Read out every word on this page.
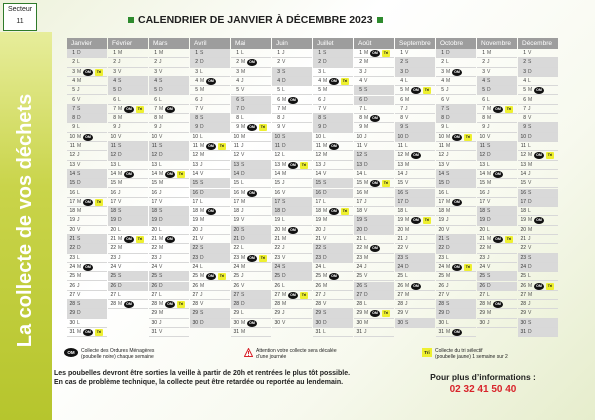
Secteur
11
La collecte de vos déchets
CALENDRIER DE JANVIER À DÉCEMBRE 2023
Janvier
1 D
2 L
3 M	OM	Tri
4 M
5 J
6 V
7 S
8 D
9 L
10 M	OM
11 M
12 J
13 V
14 S
15 D
16 L
17 M	OM	Tri
18 M
19 J
20 V
21 S
22 D
23 L
24 M	OM
25 M
26 J
27 V
28 S
29 D
30 L
31 M	OM	Tri
Février
1 M
2 J
3 V
4 S
5 D
6 L
7 M	OM	Tri
8 M
9 J
10 V
11 S
12 D
13 L
14 M	OM
15 M
16 J
17 V
18 S
19 D
20 L
21 M	OM	Tri
22 M
23 J
24 V
25 S
26 D
27 L
28 M	OM
Mars
1 M
2 J
3 V
4 S
5 D
6 L
7 M	OM
8 M
9 J
10 V
11 S
12 D
13 L
14 M	OM	Tri
15 M
16 J
17 V
18 S
19 D
20 L
21 M	OM
22 M
23 J
24 V
25 S
26 D
27 L
28 M	OM	Tri
29 M
30 J
31 V
Avril
1 S
2 D
3 L
4 M	OM
5 M
6 J
7 V
8 S
9 D
10 L
11 M	OM	Tri
12 M
13 J
14 V
15 S
16 D
17 L
18 M	OM
19 M
20 J
21 V
22 S
23 D
24 L
25 M	OM	Tri
26 M
27 J
28 V
29 S
30 D
Mai
1 L
2 M	OM
3 M
4 J
5 V
6 S
7 D
8 L
9 M	OM	Tri
10 M
11 J
12 V
13 S
14 D
15 L
16 M	OM
17 M
18 J
19 V
20 S
21 D
22 L
23 M	OM	Tri
24 M
25 J
26 V
27 S
28 D
29 L
30 M	OM
31 M
Juin
1 J
2 V
3 S
4 D
5 L
6 M	OM
7 M
8 J
9 V
10 S
11 D
12 L
13 M	OM	Tri
14 M
15 J
16 V
17 S
18 D
19 L
20 M	OM
21 M
22 J
23 V
24 S
25 D
26 L
27 M	OM	Tri
28 M
29 J
30 V
Juillet
1 S
2 D
3 L
4 M	OM	Tri
5 M
6 J
7 V
8 S
9 D
10 L
11 M	OM
12 M
13 J
14 V
15 S
16 D
17 L
18 M	OM	Tri
19 M
20 J
21 V
22 S
23 D
24 L
25 M	OM
26 M
27 J
28 V
29 S
30 D
31 L
Août
1 M	OM	Tri
2 M
3 J
4 V
5 S
6 D
7 L
8 M	OM
9 M
10 J
11 V
12 S
13 D
14 L
15 M	OM	Tri
16 M
17 J
18 V
19 S
20 D
21 L
22 M	OM
23 M
24 J
25 V
26 S
27 D
28 L
29 M	OM	Tri
30 M
31 J
Septembre
1 V
2 S
3 D
4 L
5 M	OM	Tri
6 M
7 J
8 V
9 S
10 D
11 L
12 M	OM
13 M
14 J
15 V
16 S
17 D
18 L
19 M	OM	Tri
20 M
21 J
22 V
23 S
24 D
25 L
26 M	OM
27 M
28 J
29 V
30 S
Octobre
1 D
2 L
3 M	OM
4 M
5 J
6 V
7 S
8 D
9 L
10 M	OM	Tri
11 M
12 J
13 V
14 S
15 D
16 L
17 M	OM
18 M
19 J
20 V
21 S
22 D
23 L
24 M	OM	Tri
25 M
26 J
27 V
28 S
29 D
30 L
31 M	OM
Novembre
1 M
2 J
3 V
4 S
5 D
6 L
7 M	OM	Tri
8 M
9 J
10 V
11 S
12 D
13 L
14 M	OM
15 M
16 J
17 V
18 S
19 D
20 L
21 M	OM	Tri
22 M
23 J
24 V
25 S
26 D
27 L
28 M	OM
29 M
30 J
Décembre
1 V
2 S
3 D
4 L
5 M	OM
6 M
7 J
8 V
9 S
10 D
11 L
12 M	OM	Tri
13 M
14 J
15 V
16 S
17 D
18 L
19 M	OM
20 M
21 J
22 V
23 S
24 D
25 L
26 M	OM	Tri
27 M
28 J
29 V
30 S
31 D
OM	Collecte des Ordures Ménagères
(poubelle noire) chaque semaine
Attention votre collecte sera décalée
d’une journée
Tri	Collecte du tri sélectif
(poubelle jaune) 1 semaine sur 2
Les poubelles devront être sorties la veille à partir de 20h et rentrées le plus tôt possible.
En cas de problème technique, la collecte peut être retardée ou reportée au lendemain.
Pour plus d’informations :
02 32 41 50 40
